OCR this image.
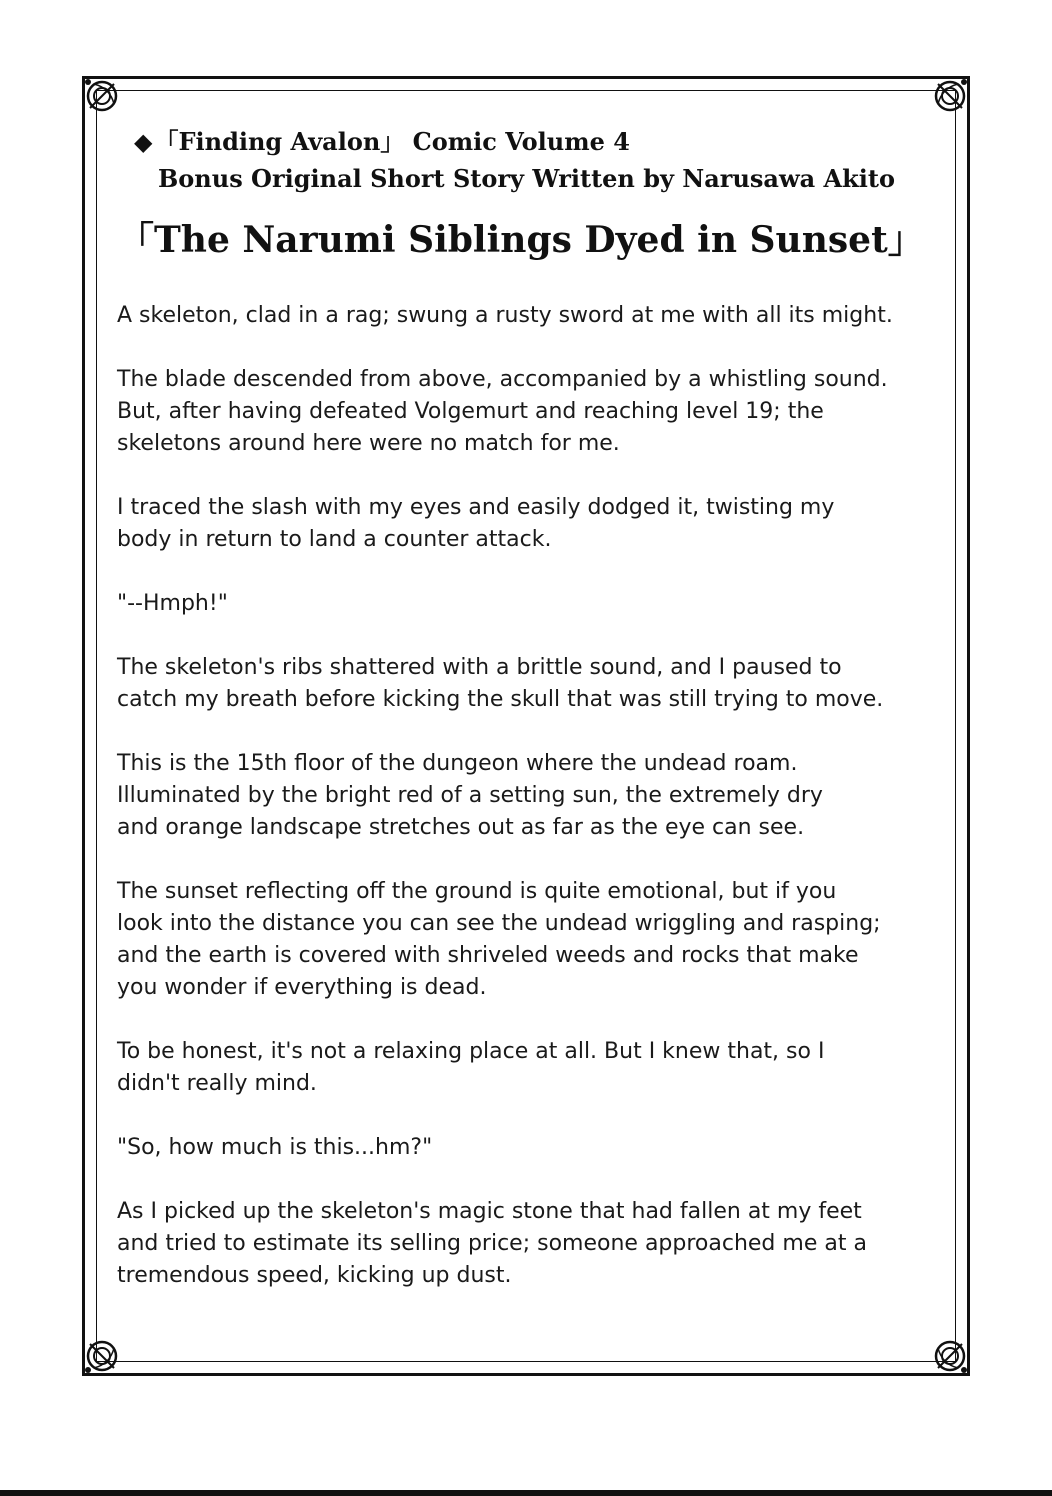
◆「Finding Avalon」 Comic Volume 4
Bonus Original Short Story Written by Narusawa Akito
「The Narumi Siblings Dyed in Sunset」

A skeleton, clad in a rag; swung a rusty sword at me with all its might.

The blade descended from above, accompanied by a whistling sound.
But, after having defeated Volgemurt and reaching level 19; the
skeletons around here were no match for me.

I traced the slash with my eyes and easily dodged it, twisting my
body in return to land a counter attack.

"--Hmph!"

The skeleton's ribs shattered with a brittle sound, and I paused to
catch my breath before kicking the skull that was still trying to move.

This is the 15th floor of the dungeon where the undead roam.
Illuminated by the bright red of a setting sun, the extremely dry
and orange landscape stretches out as far as the eye can see.

The sunset reflecting off the ground is quite emotional, but if you
look into the distance you can see the undead wriggling and rasping;
and the earth is covered with shriveled weeds and rocks that make
you wonder if everything is dead.

To be honest, it's not a relaxing place at all. But I knew that, so I
didn't really mind.

"So, how much is this...hm?"

As I picked up the skeleton's magic stone that had fallen at my feet
and tried to estimate its selling price; someone approached me at a
tremendous speed, kicking up dust.
